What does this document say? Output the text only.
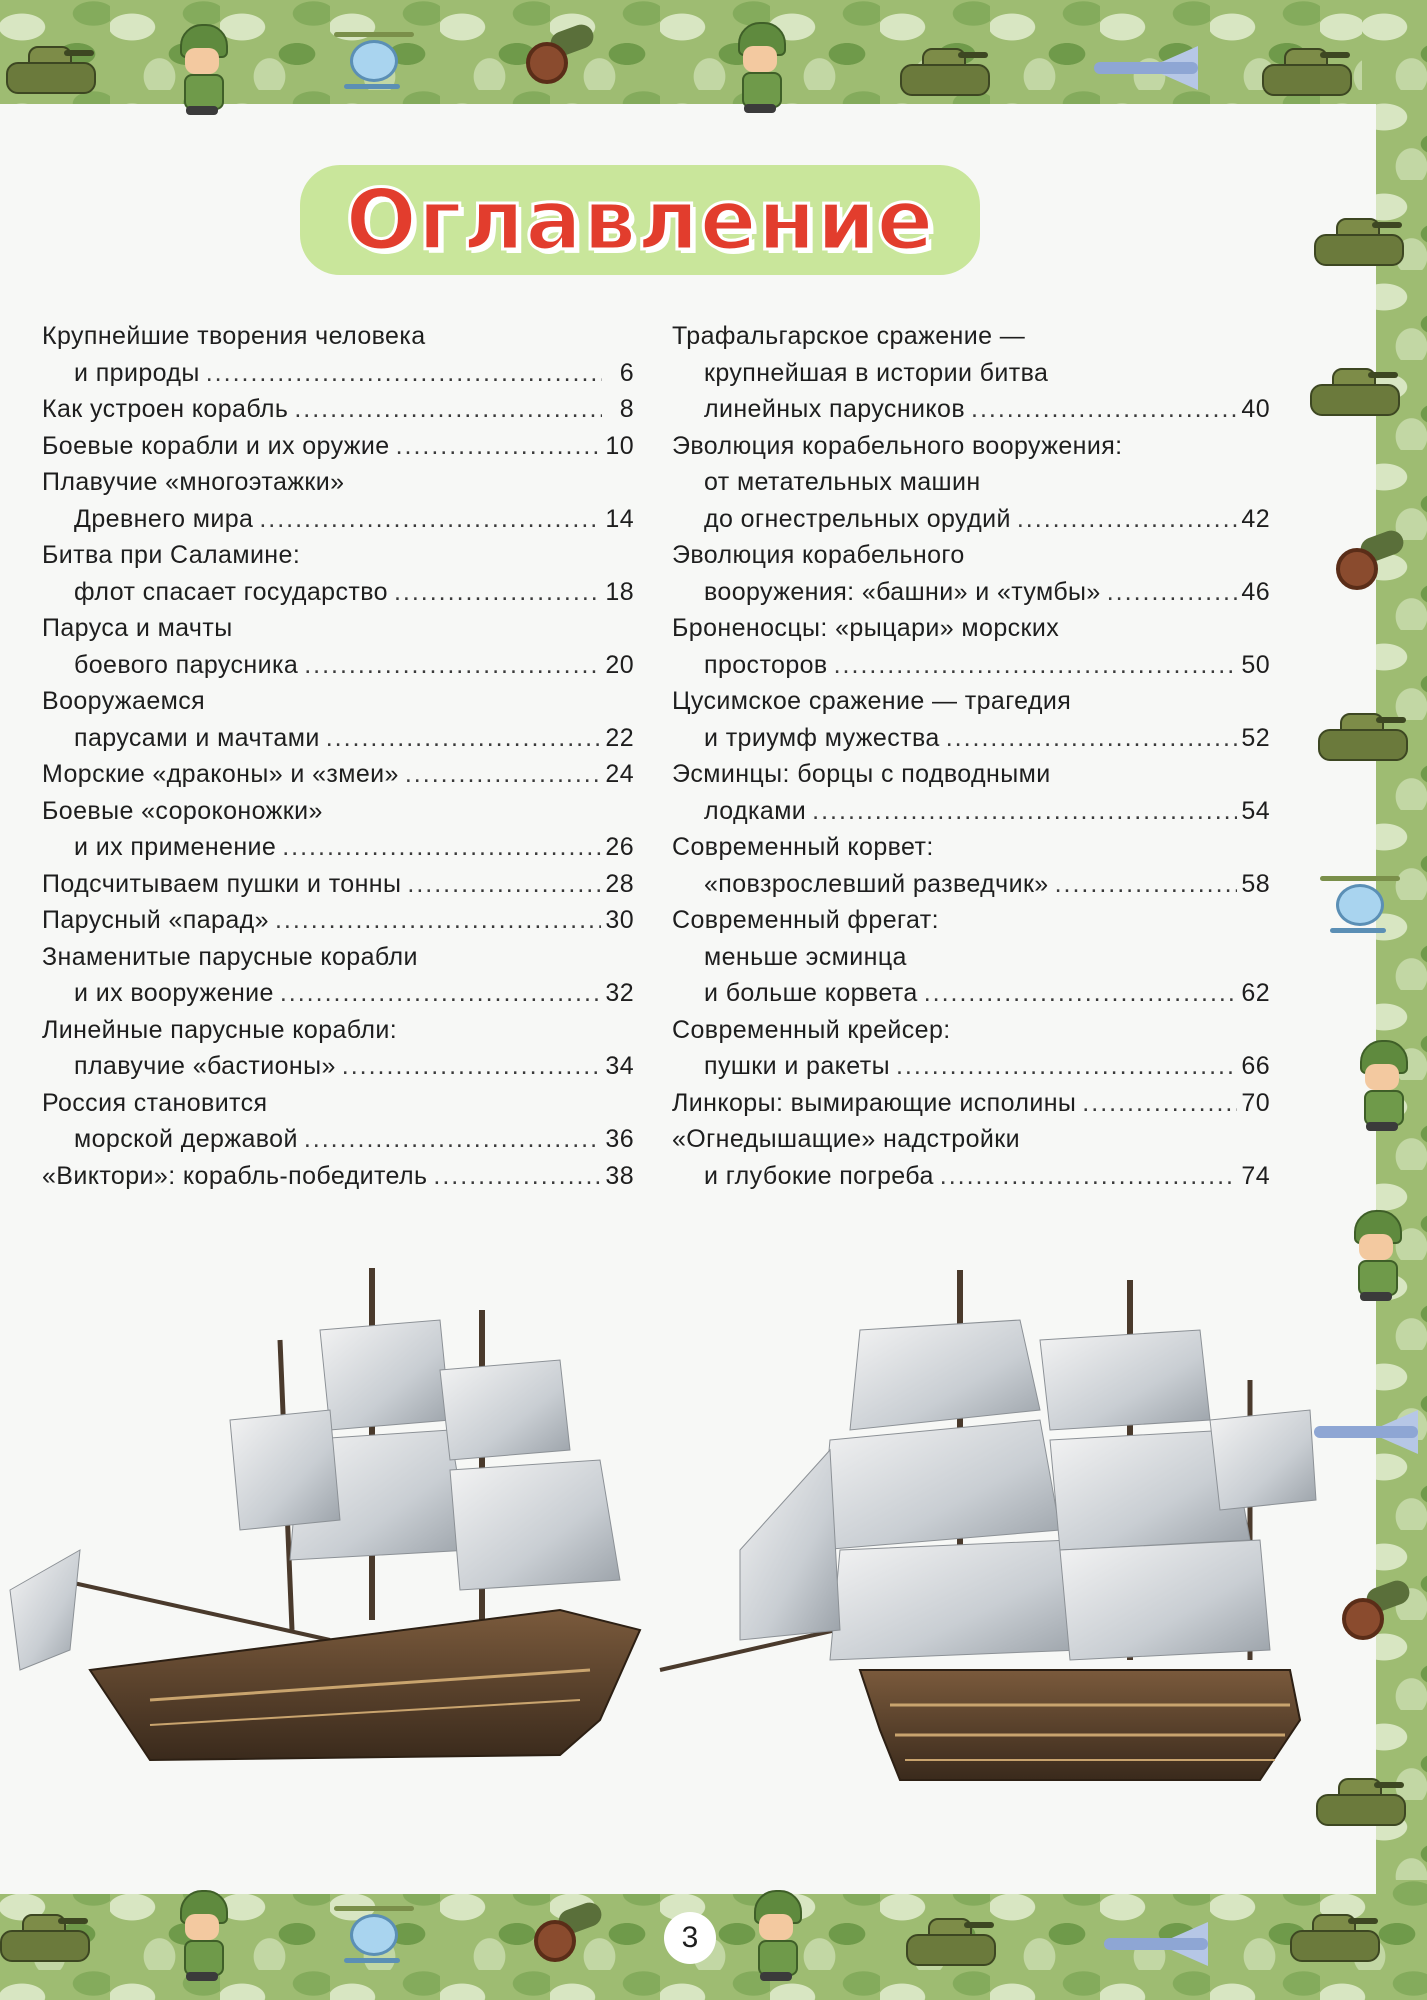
Оглавление
Крупнейшие творения человека
и природы .....	6
Как устроен корабль .....	8
Боевые корабли и их оружие .....	10
Плавучие «многоэтажки»
Древнего мира .....	14
Битва при Саламине:
флот спасает государство .....	18
Паруса и мачты
боевого парусника .....	20
Вооружаемся
парусами и мачтами .....	22
Морские «драконы» и «змеи» .....	24
Боевые «сороконожки»
и их применение .....	26
Подсчитываем пушки и тонны .....	28
Парусный «парад» .....	30
Знаменитые парусные корабли
и их вооружение .....	32
Линейные парусные корабли:
плавучие «бастионы» .....	34
Россия становится
морской державой .....	36
«Виктори»: корабль-победитель .....	38
Трафальгарское сражение —
крупнейшая в истории битва
линейных парусников .....	40
Эволюция корабельного вооружения:
от метательных машин
до огнестрельных орудий .....	42
Эволюция корабельного
вооружения: «башни» и «тумбы» .....	46
Броненосцы: «рыцари» морских
просторов .....	50
Цусимское сражение — трагедия
и триумф мужества .....	52
Эсминцы: борцы с подводными
лодками .....	54
Современный корвет:
«повзрослевший разведчик» .....	58
Современный фрегат:
меньше эсминца
и больше корвета .....	62
Современный крейсер:
пушки и ракеты .....	66
Линкоры: вымирающие исполины .....	70
«Огнедышащие» надстройки
и глубокие погреба .....	74
3
